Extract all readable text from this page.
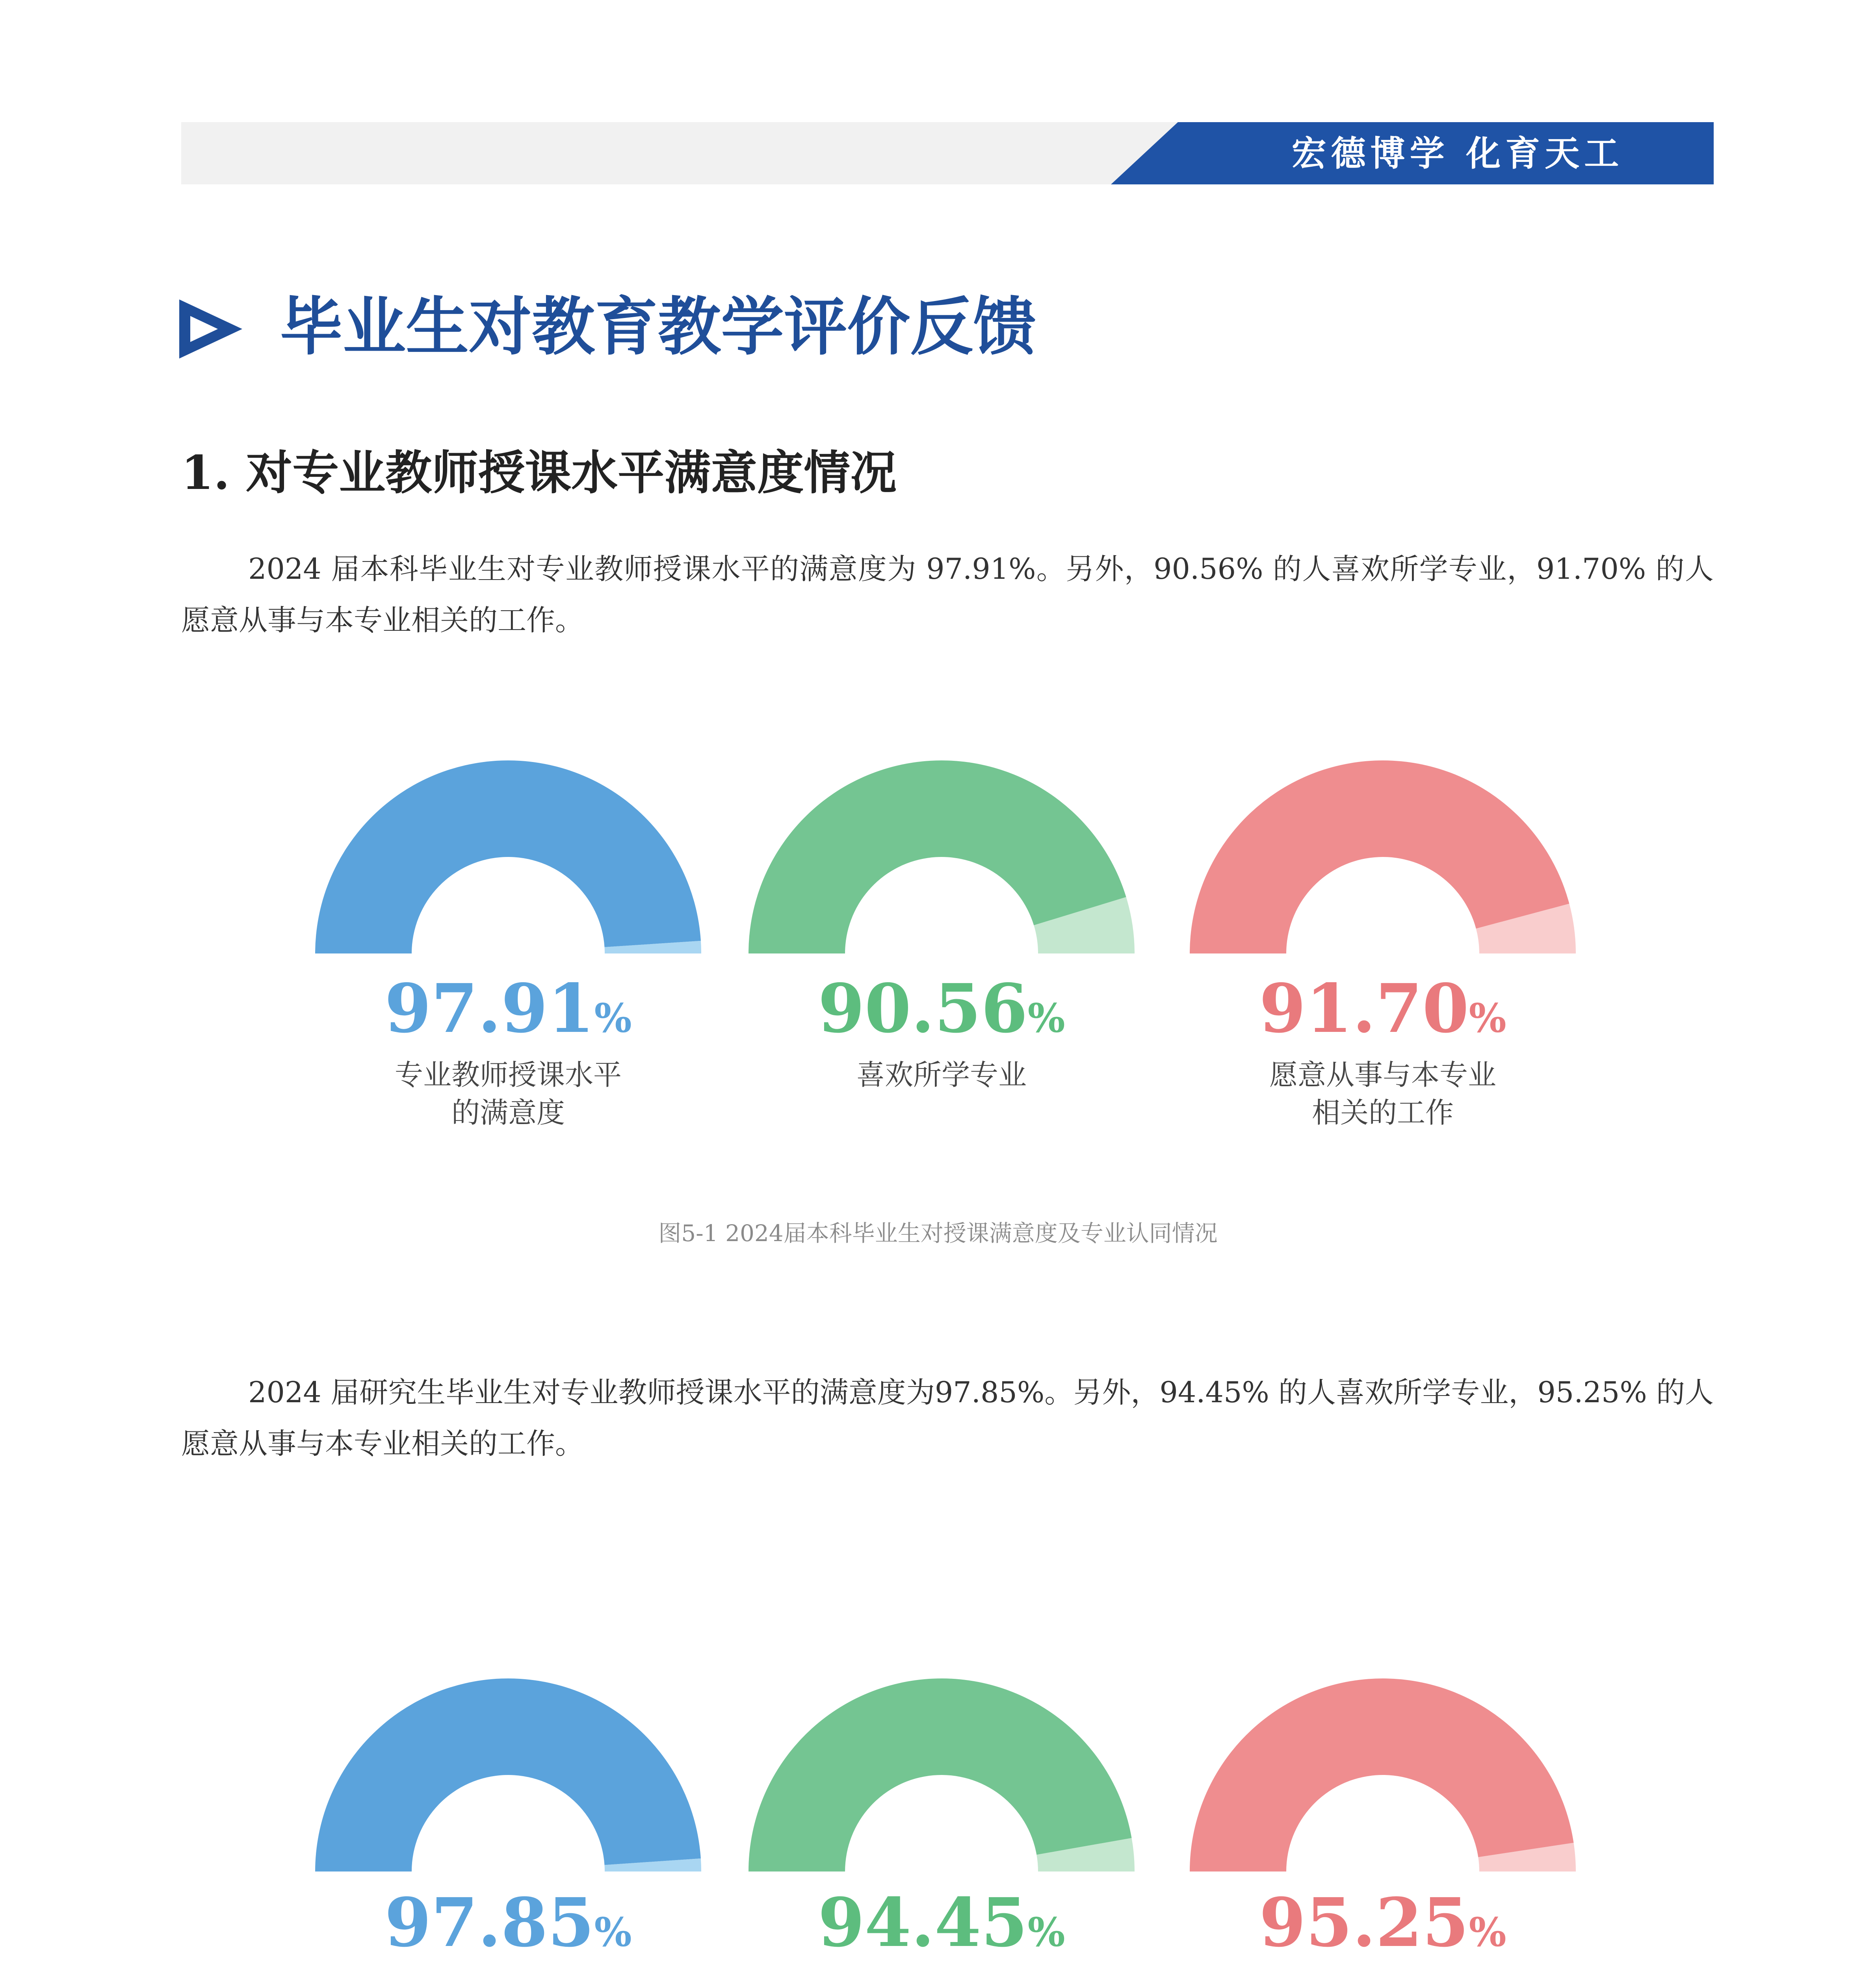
宏德博学 化育天工
毕业生对教育教学评价反馈
1. 对专业教师授课水平满意度情况

2024 届本科毕业生对专业教师授课水平的满意度为 97.91%。另外，90.56% 的人喜欢所学专业，91.70% 的人愿意从事与本专业相关的工作。

97.91%	90.56%	91.70%
专业教师授课水平
的满意度
喜欢所学专业	愿意从事与本专业
相关的工作
图5-1 2024届本科毕业生对授课满意度及专业认同情况

2024 届研究生毕业生对专业教师授课水平的满意度为97.85%。另外，94.45% 的人喜欢所学专业，95.25% 的人愿意从事与本专业相关的工作。

97.85%	94.45%	95.25%
